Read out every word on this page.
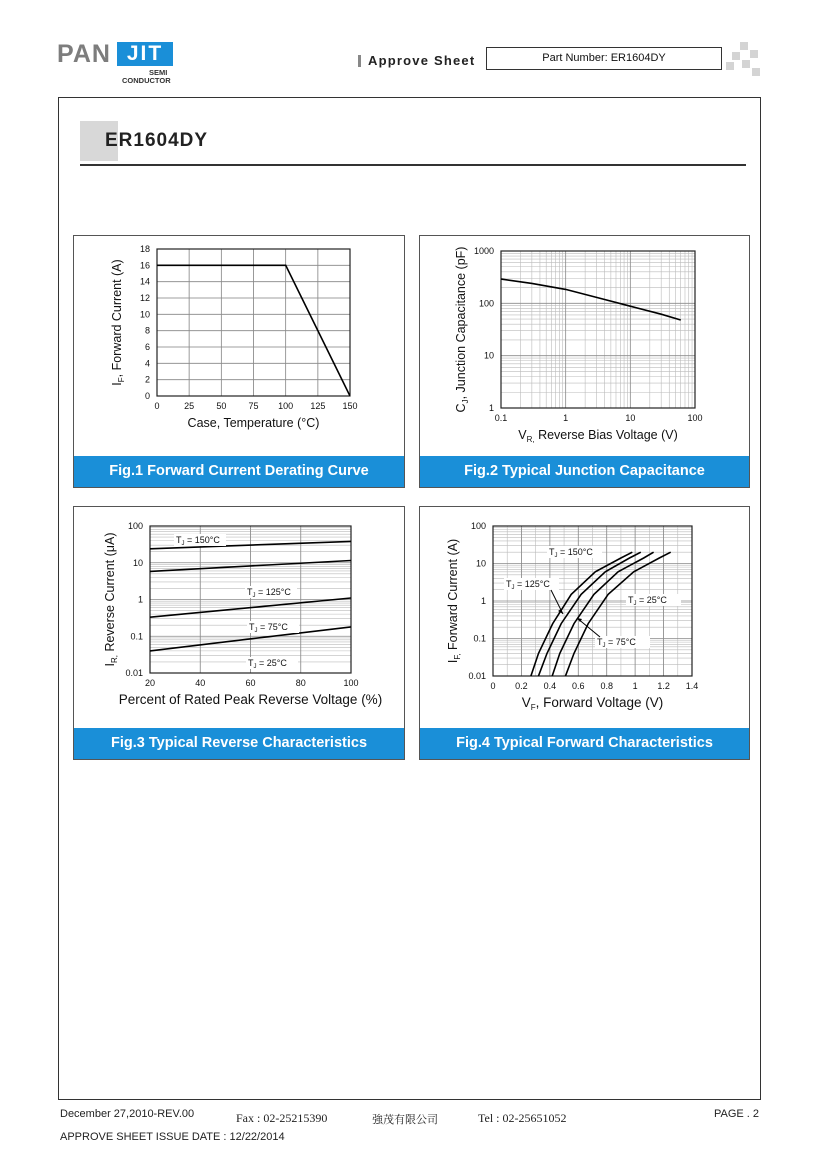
PAN JIT
SEMI
CONDUCTOR
Approve Sheet	Part Number: ER1604DY
ER1604DY
0	25 50 75 100 125 150
0
2
4
6
8
10
12
14
16
18
Case, Temperature (°C)
$I_F$, Forward Current (A)
Fig.1 Forward Current Derating Curve
0.1	1	10	100
1
10
100
1000
$V_{R,}$ Reverse Bias Voltage (V)
$C_J$, Junction Capacitance (pF)
Fig.2 Typical Junction Capacitance
20	40	60	80	100
0.01
0.1
1
10
100
Percent of Rated Peak Reverse Voltage (%)
$I_{R,}$ Reverse Current (μA)	$T_J = 150^\circ C$
$T_J = 125^\circ C$
$T_J = 75^\circ C$
$T_J = 25^\circ C$
Fig.3 Typical Reverse Characteristics
0 0.2 0.4 0.6 0.8 1 1.2 1.4
0.01
0.1
1
10
100
$V_F$, Forward Voltage (V)
$I_{F,}$ Forward Current (A)	$T_J = 150^\circ C$
$T_J = 125^\circ C$
$T_J = 25^\circ C$
$T_J = 75^\circ C$
Fig.4 Typical Forward Characteristics
December 27,2010-REV.00	Fax : 02-25215390	強茂有限公司	Tel : 02-25651052	PAGE . 2
APPROVE SHEET ISSUE DATE : 12/22/2014
